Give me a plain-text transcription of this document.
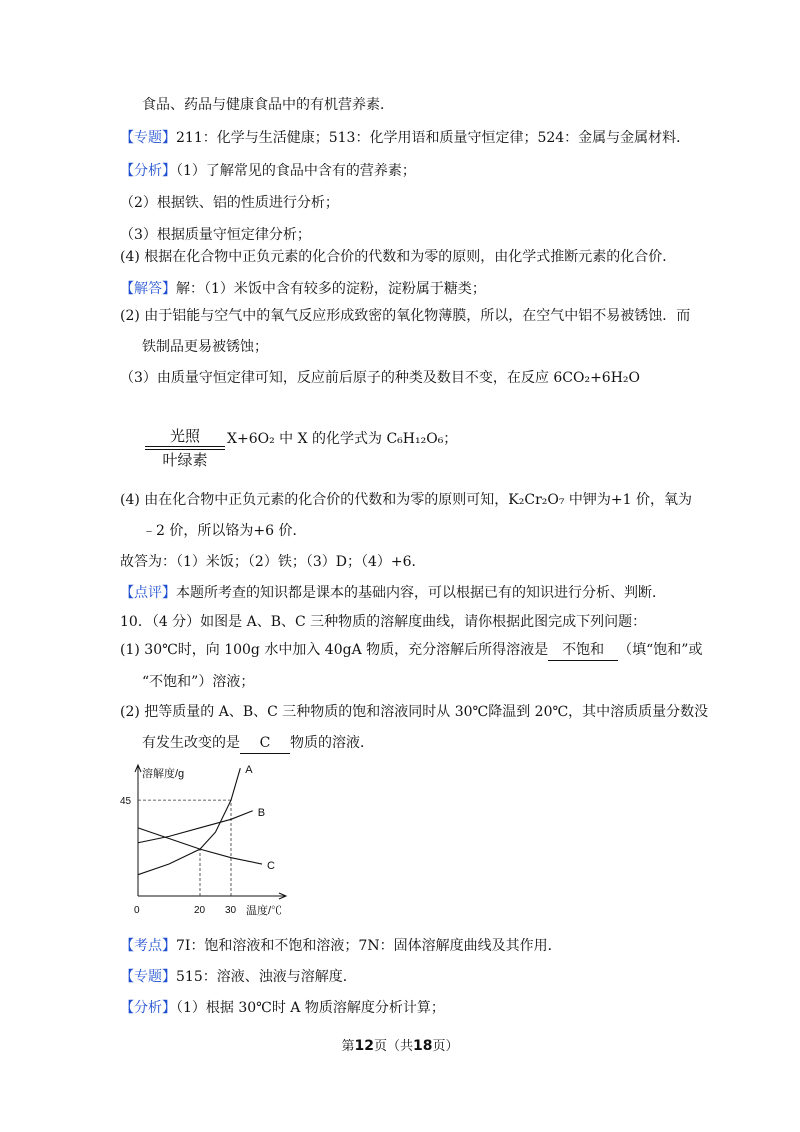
食品、药品与健康食品中的有机营养素．
【专题】211：化学与生活健康；513：化学用语和质量守恒定律；524：金属与金属材料．
【分析】（1）了解常见的食品中含有的营养素；
（2）根据铁、铝的性质进行分析；
（3）根据质量守恒定律分析；
(4) 根据在化合物中正负元素的化合价的代数和为零的原则，由化学式推断元素的化合价．
【解答】解：（1）米饭中含有较多的淀粉，淀粉属于糖类；
(2) 由于铝能与空气中的氧气反应形成致密的氧化物薄膜，所以，在空气中铝不易被锈蚀．而
铁制品更易被锈蚀；
（3）由质量守恒定律可知，反应前后原子的种类及数目不变，在反应 6CO₂+6H₂O
光照
叶绿素
X+6O₂ 中 X 的化学式为 C₆H₁₂O₆；
(4) 由在化合物中正负元素的化合价的代数和为零的原则可知，K₂Cr₂O₇ 中钾为+1 价，氧为
﹣2 价，所以铬为+6 价．
故答为：（1）米饭；（2）铁；（3）D；（4）+6．
【点评】本题所考查的知识都是课本的基础内容，可以根据已有的知识进行分析、判断．
10．（4 分）如图是 A、B、C 三种物质的溶解度曲线，请你根据此图完成下列问题：
(1) 30℃时，向 100g 水中加入 40gA 物质，充分溶解后所得溶液是 不饱和 （填“饱和”或
“不饱和”）溶液；
(2) 把等质量的 A、B、C 三种物质的饱和溶液同时从 30℃降温到 20℃，其中溶质质量分数没
有发生改变的是 C 物质的溶液．
A
B
C
0	20 30
45
溶解度/g
温度/℃
【考点】7I：饱和溶液和不饱和溶液；7N：固体溶解度曲线及其作用．
【专题】515：溶液、浊液与溶解度．
【分析】（1）根据 30℃时 A 物质溶解度分析计算；
第12页（共18页）
